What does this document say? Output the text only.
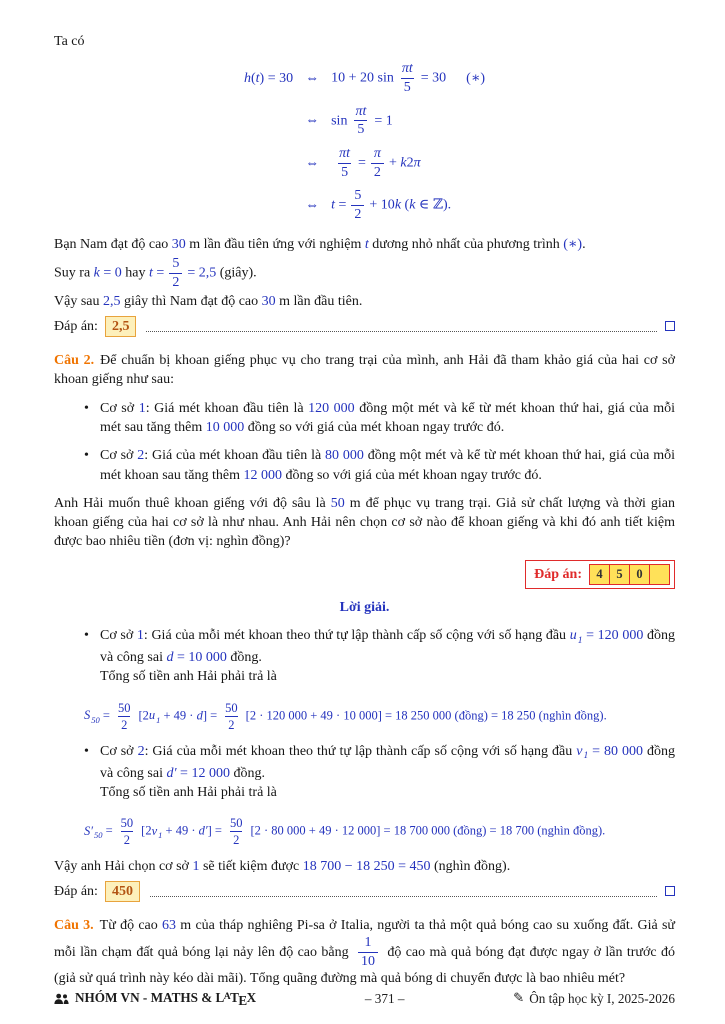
Ta có

h(t) = 30 ⇔ 10 + 20 $\sin \frac{\pi t}{5} = 30$ (∗)
⇔ $\sin \frac{\pi t}{5} = 1$
⇔ $\frac{\pi t}{5} = \frac{\pi}{2} + k2\pi$
⇔ $t = \frac{5}{2} + 10k$ (k ∈ ℤ).

Bạn Nam đạt độ cao 30 m lần đầu tiên ứng với nghiệm t dương nhỏ nhất của phương trình (∗).

Suy ra k = 0 hay $t = \frac{5}{2} = 2,5$ (giây).

Vậy sau 2,5 giây thì Nam đạt độ cao 30 m lần đầu tiên.

Đáp án:	2,5

Câu 2. Để chuẩn bị khoan giếng phục vụ cho trang trại của mình, anh Hải đã tham khảo giá của hai cơ sở khoan giếng như sau:

• Cơ sở 1: Giá mét khoan đầu tiên là 120 000 đồng một mét và kể từ mét khoan thứ hai, giá của mỗi mét sau tăng thêm 10 000 đồng so với giá của mét khoan ngay trước đó.
• Cơ sở 2: Giá của mét khoan đầu tiên là 80 000 đồng một mét và kể từ mét khoan thứ hai, giá của mỗi mét khoan sau tăng thêm 12 000 đồng so với giá của mét khoan ngay trước đó.

Anh Hải muốn thuê khoan giếng với độ sâu là 50 m để phục vụ trang trại. Giả sử chất lượng và thời gian khoan giếng của hai cơ sở là như nhau. Anh Hải nên chọn cơ sở nào để khoan giếng và khi đó anh tiết kiệm được bao nhiêu tiền (đơn vị: nghìn đồng)?

Đáp án:	4	5	0

Lời giải.

• Cơ sở 1: Giá của mỗi mét khoan theo thứ tự lập thành cấp số cộng với số hạng đầu $u_1 = 120$ 000 đồng và công sai d = 10 000 đồng.
Tổng số tiền anh Hải phải trả là
$S_{50} = \frac{50}{2} [2u_1 + 49 \cdot d] = \frac{50}{2} [2 \cdot 120$ 000 + 49 · 10 000] = 18 250 000 (đồng) = 18 250 (nghìn đồng).
• Cơ sở 2: Giá của mỗi mét khoan theo thứ tự lập thành cấp số cộng với số hạng đầu $v_1 = 80$ 000 đồng và công sai d′ = 12 000 đồng.
Tổng số tiền anh Hải phải trả là
$S'_{50} = \frac{50}{2} [2v_1 + 49 \cdot d'] = \frac{50}{2} [2 \cdot 80$ 000 + 49 · 12 000] = 18 700 000 (đồng) = 18 700 (nghìn đồng).

Vậy anh Hải chọn cơ sở 1 sẽ tiết kiệm được 18 700 − 18 250 = 450 (nghìn đồng).

Đáp án:	450

Câu 3. Từ độ cao 63 m của tháp nghiêng Pi-sa ở Italia, người ta thả một quả bóng cao su xuống đất. Giả sử mỗi lần chạm đất quả bóng lại nảy lên độ cao bằng $\frac{1}{10}$ độ cao mà quả bóng đạt được ngay ở lần trước đó (giả sử quá trình này kéo dài mãi). Tổng quãng đường mà quả bóng di chuyển được là bao nhiêu mét?

NHÓM VN - MATHS & $L^ATEX$	– 371 –	✎ Ôn tập học kỳ I, 2025-2026
